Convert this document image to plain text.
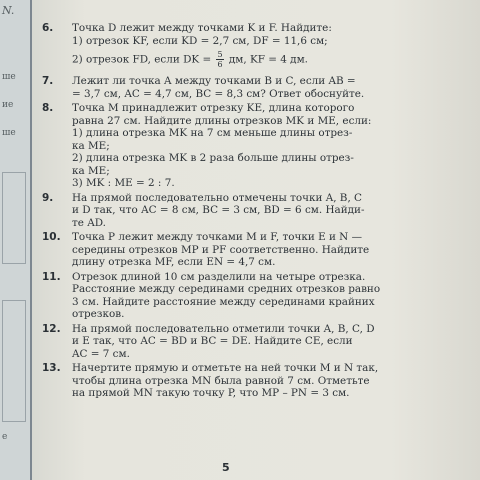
N.
ше
ие
ше
е
6.	Точка D лежит между точками K и F. Найдите:
1) отрезок KF, если KD = 2,7 см, DF = 11,6 см;
2) отрезок FD, если DK = $\frac{5}{6}$ дм, KF = 4 дм.
7.	Лежит ли точка A между точками B и C, если AB =
= 3,7 см, AC = 4,7 см, BC = 8,3 см? Ответ обоснуйте.
8.	Точка M принадлежит отрезку KE, длина которого
равна 27 см. Найдите длины отрезков MK и ME, если:
1) длина отрезка MK на 7 см меньше длины отрез-
ка ME;
2) длина отрезка MK в 2 раза больше длины отрез-
ка ME;
3) MK : ME = 2 : 7.
9.	На прямой последовательно отмечены точки A, B, C
и D так, что AC = 8 см, BC = 3 см, BD = 6 см. Найди-
те AD.
10.	Точка P лежит между точками M и F, точки E и N —
середины отрезков MP и PF соответственно. Найдите
длину отрезка MF, если EN = 4,7 см.
11.	Отрезок длиной 10 см разделили на четыре отрезка.
Расстояние между серединами средних отрезков равно
3 см. Найдите расстояние между серединами крайних
отрезков.
12.	На прямой последовательно отметили точки A, B, C, D
и E так, что AC = BD и BC = DE. Найдите CE, если
AC = 7 см.
13.	Начертите прямую и отметьте на ней точки M и N так,
чтобы длина отрезка MN была равной 7 см. Отметьте
на прямой MN такую точку P, что MP – PN = 3 см.
5
